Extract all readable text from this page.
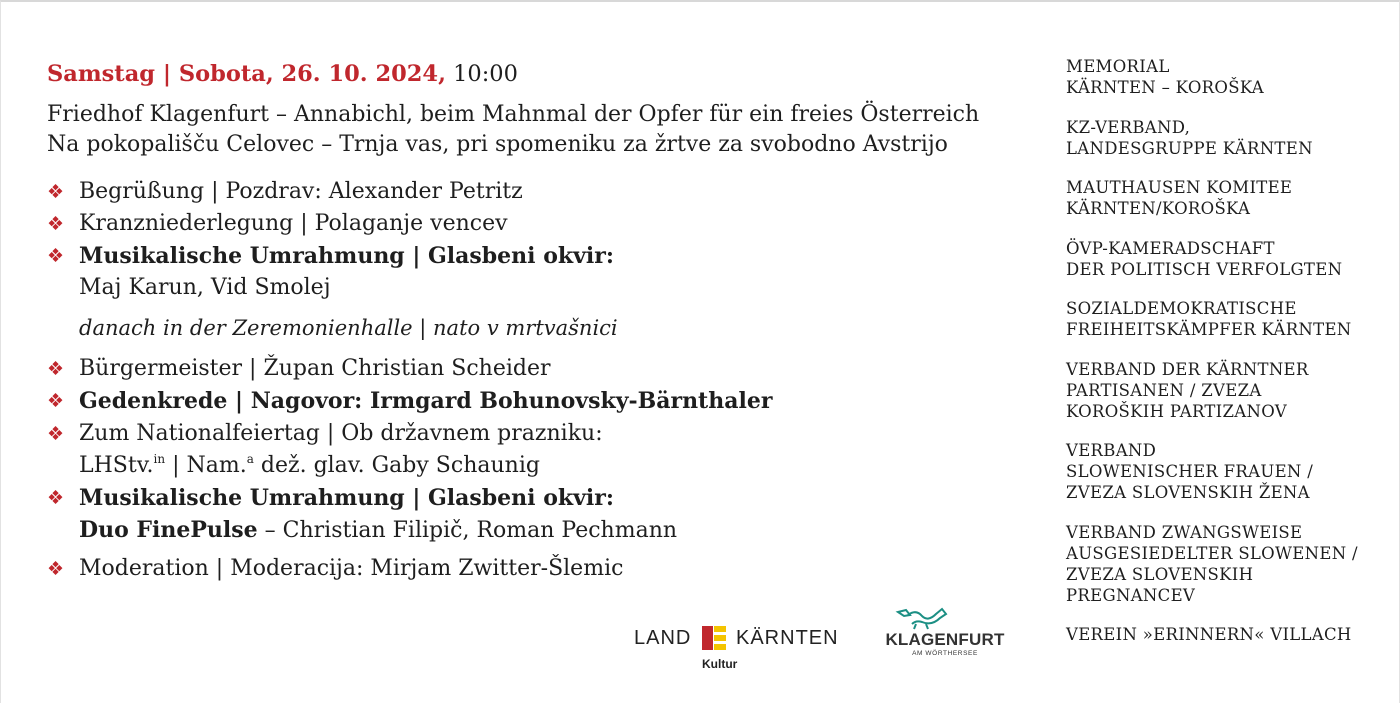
Samstag | Sobota, 26. 10. 2024, 10:00
Friedhof Klagenfurt – Annabichl, beim Mahnmal der Opfer für ein freies Österreich
Na pokopališču Celovec – Trnja vas, pri spomeniku za žrtve za svobodno Avstrijo
❖ Begrüßung | Pozdrav: Alexander Petritz
❖ Kranzniederlegung | Polaganje vencev
❖ Musikalische Umrahmung | Glasbeni okvir:
Maj Karun, Vid Smolej
danach in der Zeremonienhalle | nato v mrtvašnici
❖ Bürgermeister | Župan Christian Scheider
❖ Gedenkrede | Nagovor: Irmgard Bohunovsky-Bärnthaler
❖ Zum Nationalfeiertag | Ob državnem prazniku:
LHStv.$^{in}$ | Nam.$^a$ dež. glav. Gaby Schaunig
❖ Musikalische Umrahmung | Glasbeni okvir:
Duo FinePulse – Christian Filipič, Roman Pechmann
❖ Moderation | Moderacija: Mirjam Zwitter-Šlemic
MEMORIAL
KÄRNTEN – KOROŠKA
KZ-VERBAND,
LANDESGRUPPE KÄRNTEN
MAUTHAUSEN KOMITEE
KÄRNTEN/KOROŠKA
ÖVP-KAMERADSCHAFT
DER POLITISCH VERFOLGTEN
SOZIALDEMOKRATISCHE
FREIHEITSKÄMPFER KÄRNTEN
VERBAND DER KÄRNTNER
PARTISANEN / ZVEZA
KOROŠKIH PARTIZANOV
VERBAND
SLOWENISCHER FRAUEN /
ZVEZA SLOVENSKIH ŽENA
VERBAND ZWANGSWEISE
AUSGESIEDELTER SLOWENEN /
ZVEZA SLOVENSKIH
PREGNANCEV
VEREIN »ERINNERN« VILLACH
LAND KÄRNTEN
Kultur
KLAGENFURT
AM WÖRTHERSEE
